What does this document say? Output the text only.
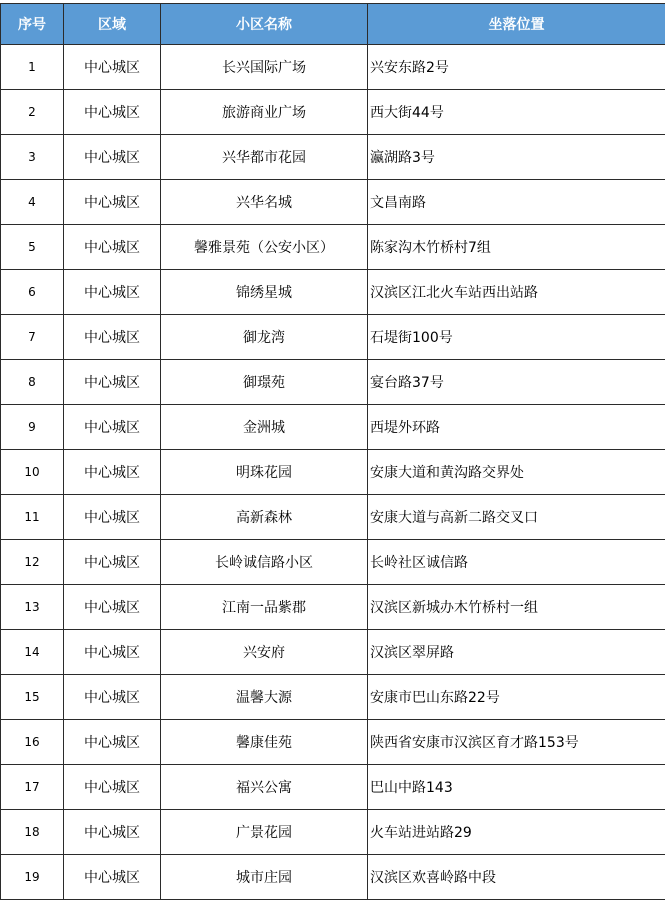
序号	区域	小区名称	坐落位置
1	中心城区	长兴国际广场	兴安东路2号
2	中心城区	旅游商业广场	西大街44号
3	中心城区	兴华都市花园	瀛湖路3号
4	中心城区	兴华名城	文昌南路
5	中心城区	馨雅景苑（公安小区）	陈家沟木竹桥村7组
6	中心城区	锦绣星城	汉滨区江北火车站西出站路
7	中心城区	御龙湾	石堤街100号
8	中心城区	御璟苑	宴台路37号
9	中心城区	金洲城	西堤外环路
10	中心城区	明珠花园	安康大道和黄沟路交界处
11	中心城区	高新森林	安康大道与高新二路交叉口
12	中心城区	长岭诚信路小区	长岭社区诚信路
13	中心城区	江南一品紫郡	汉滨区新城办木竹桥村一组
14	中心城区	兴安府	汉滨区翠屏路
15	中心城区	温馨大源	安康市巴山东路22号
16	中心城区	馨康佳苑	陕西省安康市汉滨区育才路153号
17	中心城区	福兴公寓	巴山中路143
18	中心城区	广景花园	火车站进站路29
19	中心城区	城市庄园	汉滨区欢喜岭路中段
